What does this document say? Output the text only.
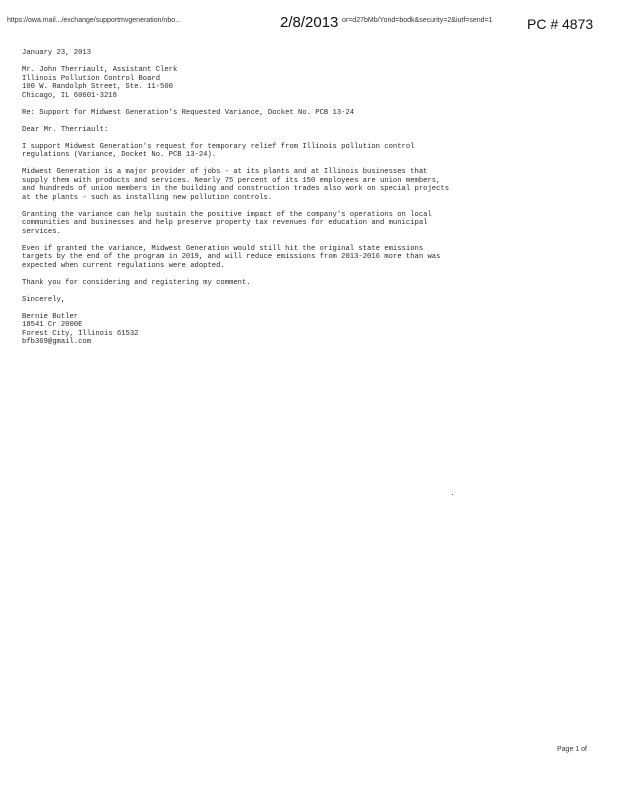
https://owa.mail.../exchange/supportmvgeneration/nbo...	2/8/2013 or=d27bMb/Yond=bodk&security=2&iutf=send=1 PC # 4873

January 23, 2013

Mr. John Therriault, Assistant Clerk

Illinois Pollution Control Board

100 W. Randolph Street, Ste. 11-500

Chicago, IL 60601-3218

Re: Support for Midwest Generation's Requested Variance, Docket No. PCB 13-24

Dear Mr. Therriault:

I support Midwest Generation's request for temporary relief from Illinois pollution control

regulations (Variance, Docket No. PCB 13-24).

Midwest Generation is a major provider of jobs - at its plants and at Illinois businesses that

supply them with products and services. Nearly 75 percent of its 150 employees are union members,

and hundreds of union members in the building and construction trades also work on special projects

at the plants - such as installing new pollution controls.

Granting the variance can help sustain the positive impact of the company's operations on local

communities and businesses and help preserve property tax revenues for education and municipal

services.

Even if granted the variance, Midwest Generation would still hit the original state emissions

targets by the end of the program in 2019, and will reduce emissions from 2013-2016 more than was

expected when current regulations were adopted.

Thank you for considering and registering my comment.

Sincerely,

Bernie Butler

18541 Cr 2000E

Forest City, Illinois 61532

bfb369@gmail.com

Page 1 of
